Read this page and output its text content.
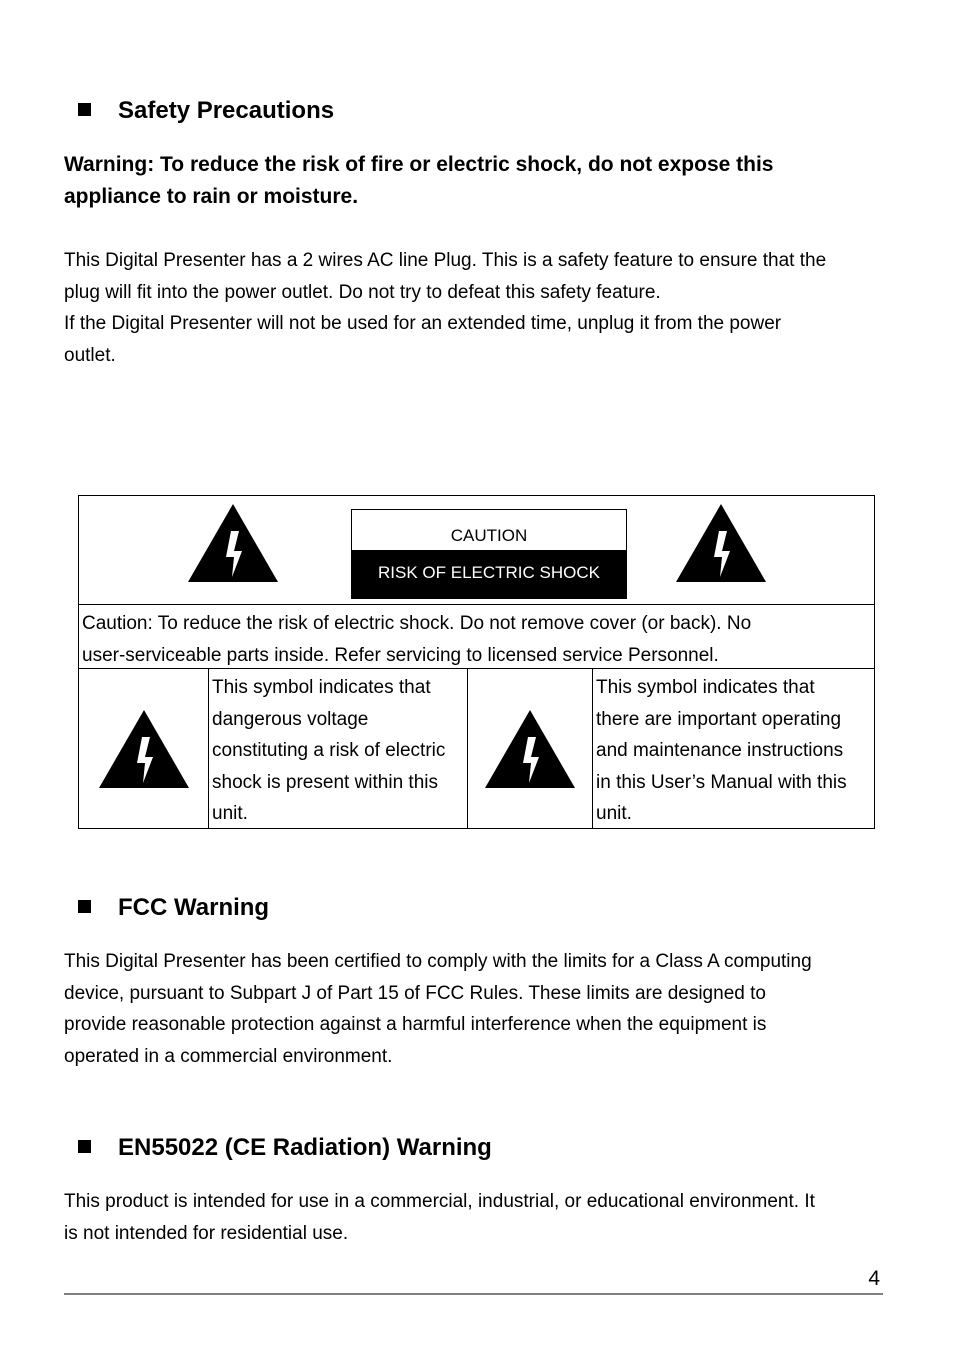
Safety Precautions
Warning: To reduce the risk of fire or electric shock, do not expose this
appliance to rain or moisture.

This Digital Presenter has a 2 wires AC line Plug. This is a safety feature to ensure that the

plug will fit into the power outlet. Do not try to defeat this safety feature.

If the Digital Presenter will not be used for an extended time, unplug it from the power

outlet.

CAUTION
RISK OF ELECTRIC SHOCK
Caution: To reduce the risk of electric shock. Do not remove cover (or back). No
user-serviceable parts inside. Refer servicing to licensed service Personnel.
This symbol indicates that
dangerous voltage
constituting a risk of electric
shock is present within this
unit.
This symbol indicates that
there are important operating
and maintenance instructions
in this User’s Manual with this
unit.
FCC Warning

This Digital Presenter has been certified to comply with the limits for a Class A computing

device, pursuant to Subpart J of Part 15 of FCC Rules. These limits are designed to

provide reasonable protection against a harmful interference when the equipment is

operated in a commercial environment.

EN55022 (CE Radiation) Warning

This product is intended for use in a commercial, industrial, or educational environment. It

is not intended for residential use.

4
